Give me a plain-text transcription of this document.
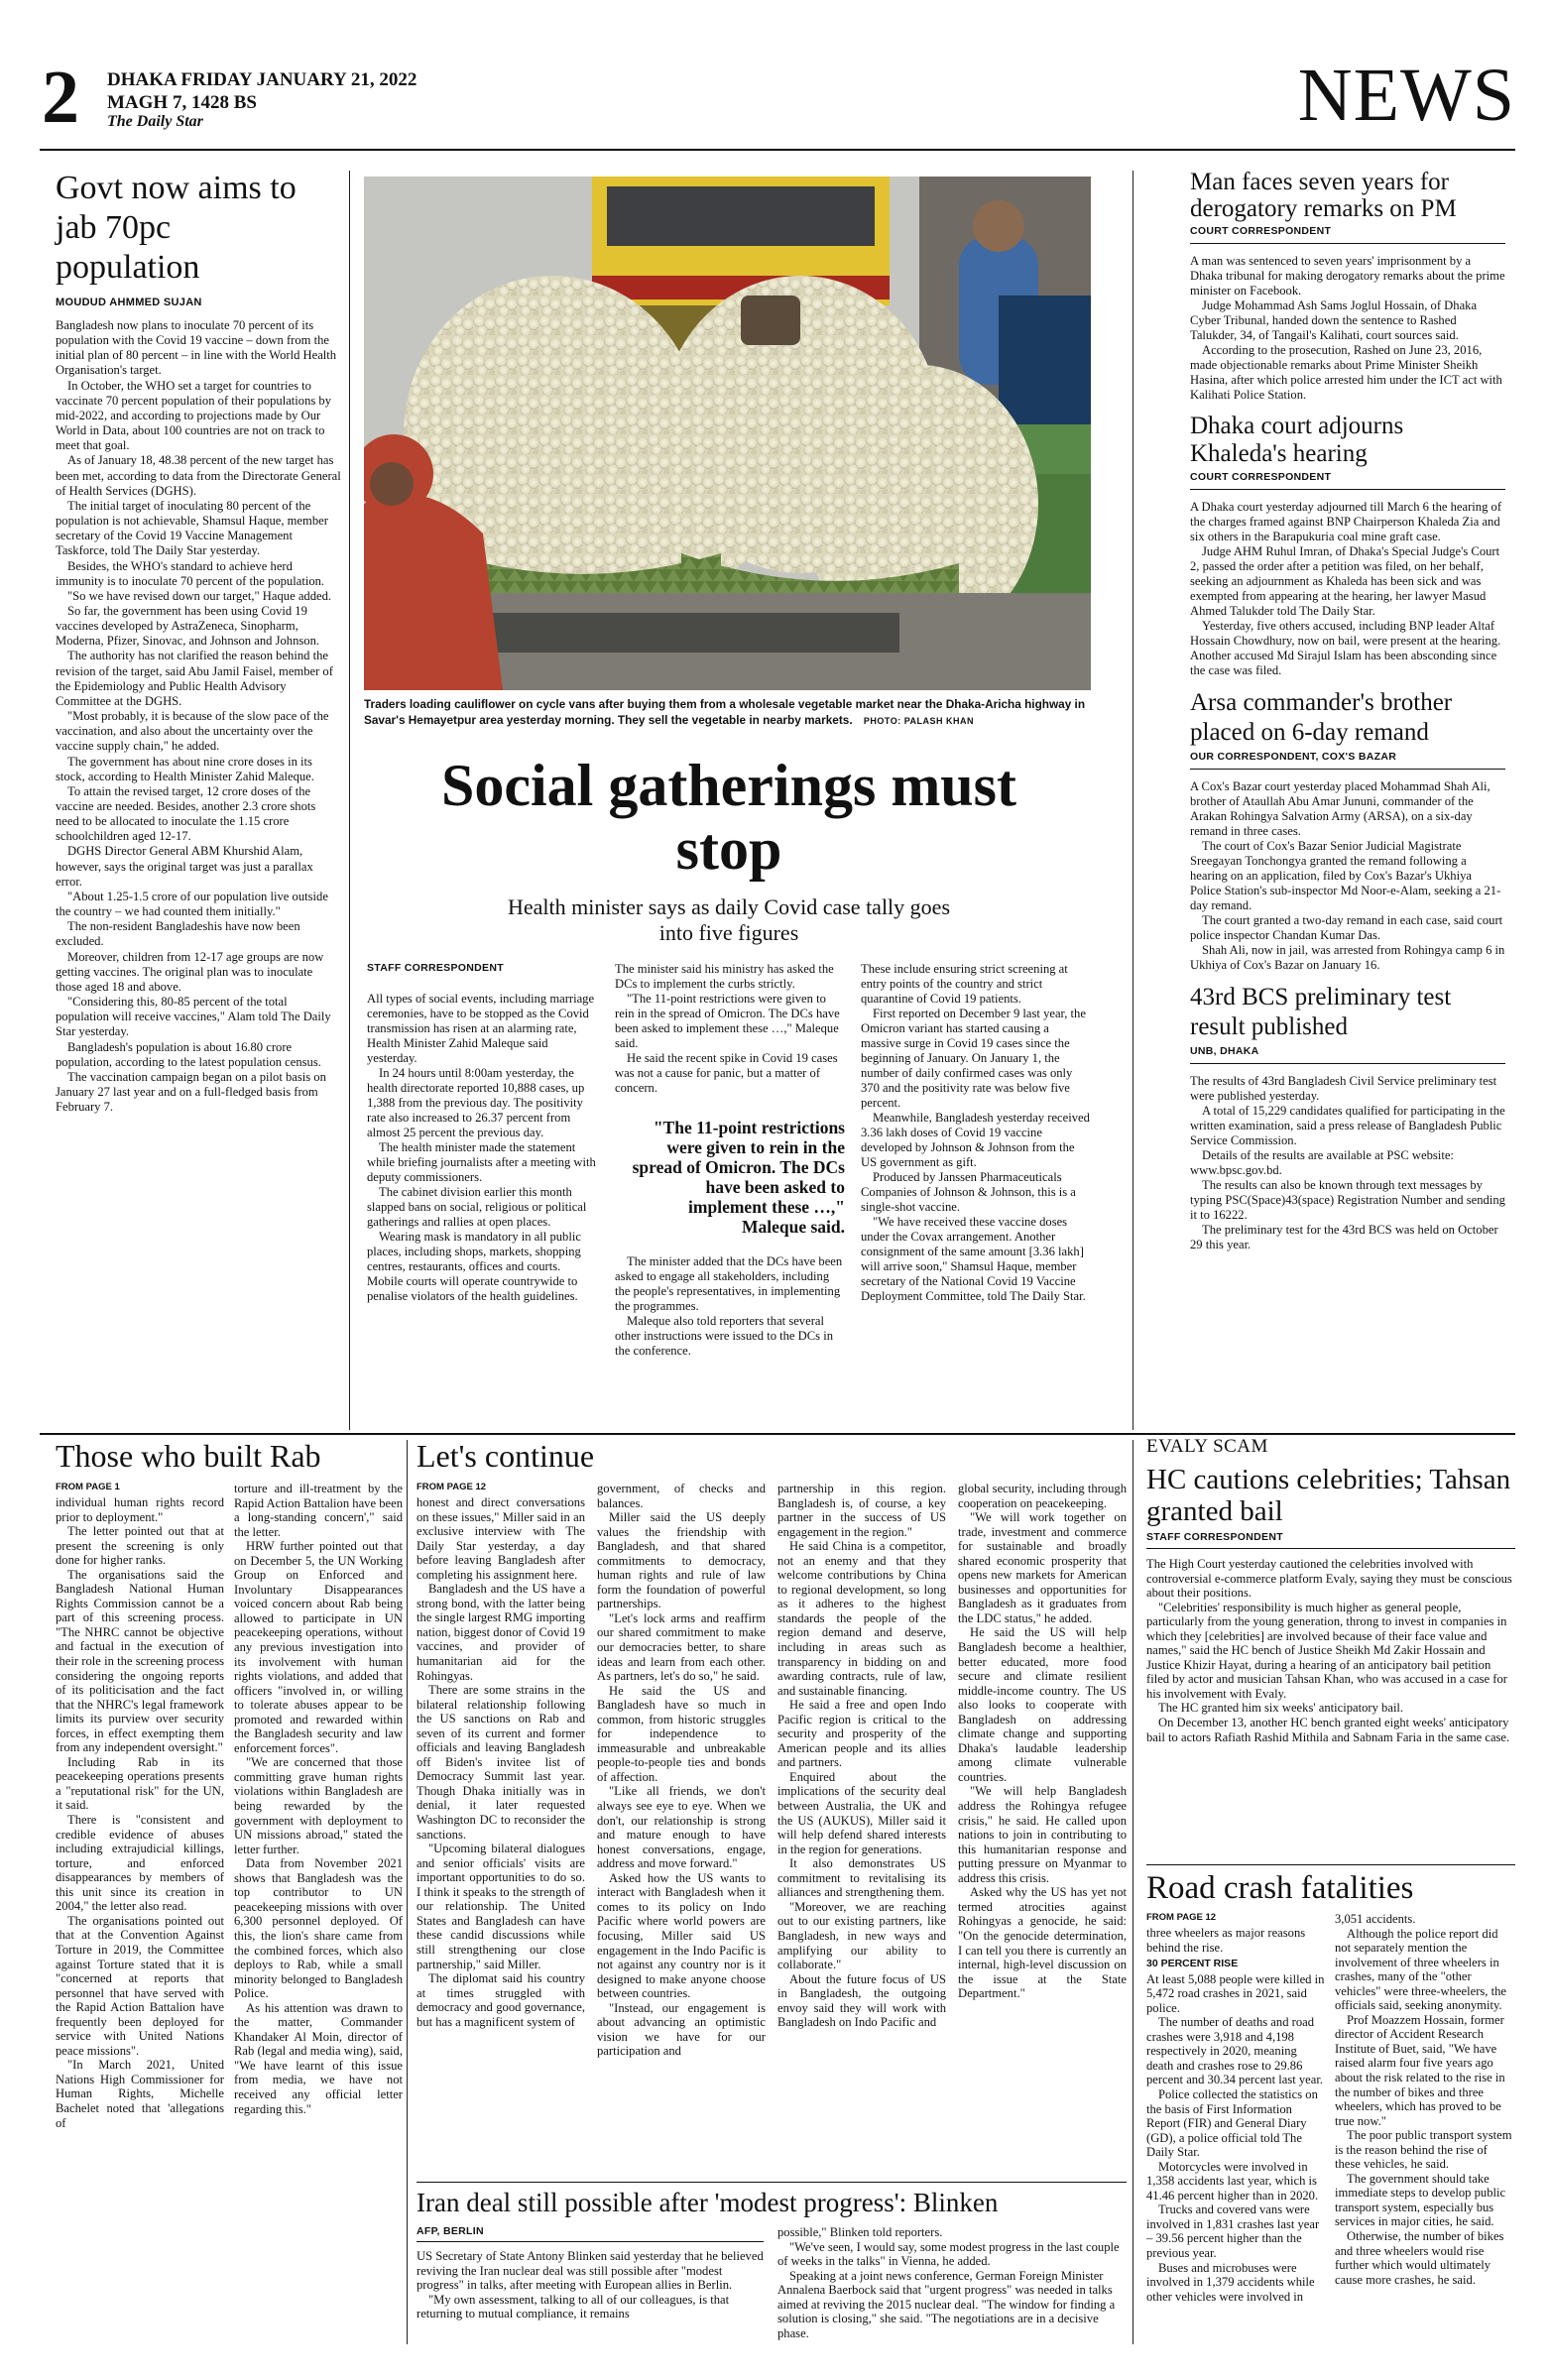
2 DHAKA FRIDAY JANUARY 21, 2022
MAGH 7, 1428 BS
The Daily Star	NEWS
Govt now aims to jab 70pc population
MOUDUD AHMMED SUJAN

Bangladesh now plans to inoculate 70 percent of its population with the Covid 19 vaccine – down from the initial plan of 80 percent – in line with the World Health Organisation's target.

In October, the WHO set a target for countries to vaccinate 70 percent population of their populations by mid-2022, and according to projections made by Our World in Data, about 100 countries are not on track to meet that goal.

As of January 18, 48.38 percent of the new target has been met, according to data from the Directorate General of Health Services (DGHS).

The initial target of inoculating 80 percent of the population is not achievable, Shamsul Haque, member secretary of the Covid 19 Vaccine Management Taskforce, told The Daily Star yesterday.

Besides, the WHO's standard to achieve herd immunity is to inoculate 70 percent of the population.

"So we have revised down our target," Haque added.

So far, the government has been using Covid 19 vaccines developed by AstraZeneca, Sinopharm, Moderna, Pfizer, Sinovac, and Johnson and Johnson.

The authority has not clarified the reason behind the revision of the target, said Abu Jamil Faisel, member of the Epidemiology and Public Health Advisory Committee at the DGHS.

"Most probably, it is because of the slow pace of the vaccination, and also about the uncertainty over the vaccine supply chain," he added.

The government has about nine crore doses in its stock, according to Health Minister Zahid Maleque.

To attain the revised target, 12 crore doses of the vaccine are needed. Besides, another 2.3 crore shots need to be allocated to inoculate the 1.15 crore schoolchildren aged 12-17.

DGHS Director General ABM Khurshid Alam, however, says the original target was just a parallax error.

"About 1.25-1.5 crore of our population live outside the country – we had counted them initially."

The non-resident Bangladeshis have now been excluded.

Moreover, children from 12-17 age groups are now getting vaccines. The original plan was to inoculate those aged 18 and above.

"Considering this, 80-85 percent of the total population will receive vaccines," Alam told The Daily Star yesterday.

Bangladesh's population is about 16.80 crore population, according to the latest population census.

The vaccination campaign began on a pilot basis on January 27 last year and on a full-fledged basis from February 7.

Traders loading cauliflower on cycle vans after buying them from a wholesale vegetable market near the Dhaka-Aricha highway in Savar's Hemayetpur area yesterday morning. They sell the vegetable in nearby markets. PHOTO: PALASH KHAN
Social gatherings must stop
Health minister says as daily Covid case tally goes into five figures
STAFF CORRESPONDENT

All types of social events, including marriage ceremonies, have to be stopped as the Covid transmission has risen at an alarming rate, Health Minister Zahid Maleque said yesterday.

In 24 hours until 8:00am yesterday, the health directorate reported 10,888 cases, up 1,388 from the previous day. The positivity rate also increased to 26.37 percent from almost 25 percent the previous day.

The health minister made the statement while briefing journalists after a meeting with deputy commissioners.

The cabinet division earlier this month slapped bans on social, religious or political gatherings and rallies at open places.

Wearing mask is mandatory in all public places, including shops, markets, shopping centres, restaurants, offices and courts. Mobile courts will operate countrywide to penalise violators of the health guidelines.

The minister said his ministry has asked the DCs to implement the curbs strictly.

"The 11-point restrictions were given to rein in the spread of Omicron. The DCs have been asked to implement these …," Maleque said.

He said the recent spike in Covid 19 cases was not a cause for panic, but a matter of concern.

"The 11-point restrictions were given to rein in the spread of Omicron. The DCs have been asked to implement these …,"
Maleque said.

The minister added that the DCs have been asked to engage all stakeholders, including the people's representatives, in implementing the programmes.

Maleque also told reporters that several other instructions were issued to the DCs in the conference.

These include ensuring strict screening at entry points of the country and strict quarantine of Covid 19 patients.

First reported on December 9 last year, the Omicron variant has started causing a massive surge in Covid 19 cases since the beginning of January. On January 1, the number of daily confirmed cases was only 370 and the positivity rate was below five percent.

Meanwhile, Bangladesh yesterday received 3.36 lakh doses of Covid 19 vaccine developed by Johnson & Johnson from the US government as gift.

Produced by Janssen Pharmaceuticals Companies of Johnson & Johnson, this is a single-shot vaccine.

"We have received these vaccine doses under the Covax arrangement. Another consignment of the same amount [3.36 lakh] will arrive soon," Shamsul Haque, member secretary of the National Covid 19 Vaccine Deployment Committee, told The Daily Star.

Man faces seven years for derogatory remarks on PM
COURT CORRESPONDENT

A man was sentenced to seven years' imprisonment by a Dhaka tribunal for making derogatory remarks about the prime minister on Facebook.

Judge Mohammad Ash Sams Joglul Hossain, of Dhaka Cyber Tribunal, handed down the sentence to Rashed Talukder, 34, of Tangail's Kalihati, court sources said.

According to the prosecution, Rashed on June 23, 2016, made objectionable remarks about Prime Minister Sheikh Hasina, after which police arrested him under the ICT act with Kalihati Police Station.

Dhaka court adjourns Khaleda's hearing
COURT CORRESPONDENT

A Dhaka court yesterday adjourned till March 6 the hearing of the charges framed against BNP Chairperson Khaleda Zia and six others in the Barapukuria coal mine graft case.

Judge AHM Ruhul Imran, of Dhaka's Special Judge's Court 2, passed the order after a petition was filed, on her behalf, seeking an adjournment as Khaleda has been sick and was exempted from appearing at the hearing, her lawyer Masud Ahmed Talukder told The Daily Star.

Yesterday, five others accused, including BNP leader Altaf Hossain Chowdhury, now on bail, were present at the hearing. Another accused Md Sirajul Islam has been absconding since the case was filed.

Arsa commander's brother placed on 6-day remand
OUR CORRESPONDENT, COX'S BAZAR

A Cox's Bazar court yesterday placed Mohammad Shah Ali, brother of Ataullah Abu Amar Jununi, commander of the Arakan Rohingya Salvation Army (ARSA), on a six-day remand in three cases.

The court of Cox's Bazar Senior Judicial Magistrate Sreegayan Tonchongya granted the remand following a hearing on an application, filed by Cox's Bazar's Ukhiya Police Station's sub-inspector Md Noor-e-Alam, seeking a 21-day remand.

The court granted a two-day remand in each case, said court police inspector Chandan Kumar Das.

Shah Ali, now in jail, was arrested from Rohingya camp 6 in Ukhiya of Cox's Bazar on January 16.

43rd BCS preliminary test result published
UNB, DHAKA

The results of 43rd Bangladesh Civil Service preliminary test were published yesterday.

A total of 15,229 candidates qualified for participating in the written examination, said a press release of Bangladesh Public Service Commission.

Details of the results are available at PSC website: www.bpsc.gov.bd.

The results can also be known through text messages by typing PSC(Space)43(space) Registration Number and sending it to 16222.

The preliminary test for the 43rd BCS was held on October 29 this year.

Those who built Rab
FROM PAGE 1

individual human rights record prior to deployment."

The letter pointed out that at present the screening is only done for higher ranks.

The organisations said the Bangladesh National Human Rights Commission cannot be a part of this screening process. "The NHRC cannot be objective and factual in the execution of their role in the screening process considering the ongoing reports of its politicisation and the fact that the NHRC's legal framework limits its purview over security forces, in effect exempting them from any independent oversight."

Including Rab in its peacekeeping operations presents a "reputational risk" for the UN, it said.

There is "consistent and credible evidence of abuses including extrajudicial killings, torture, and enforced disappearances by members of this unit since its creation in 2004," the letter also read.

The organisations pointed out that at the Convention Against Torture in 2019, the Committee against Torture stated that it is "concerned at reports that personnel that have served with the Rapid Action Battalion have frequently been deployed for service with United Nations peace missions".

"In March 2021, United Nations High Commissioner for Human Rights, Michelle Bachelet noted that 'allegations of

torture and ill-treatment by the Rapid Action Battalion have been a long-standing concern'," said the letter.

HRW further pointed out that on December 5, the UN Working Group on Enforced and Involuntary Disappearances voiced concern about Rab being allowed to participate in UN peacekeeping operations, without any previous investigation into its involvement with human rights violations, and added that officers "involved in, or willing to tolerate abuses appear to be promoted and rewarded within the Bangladesh security and law enforcement forces".

"We are concerned that those committing grave human rights violations within Bangladesh are being rewarded by the government with deployment to UN missions abroad," stated the letter further.

Data from November 2021 shows that Bangladesh was the top contributor to UN peacekeeping missions with over 6,300 personnel deployed. Of this, the lion's share came from the combined forces, which also deploys to Rab, while a small minority belonged to Bangladesh Police.

As his attention was drawn to the matter, Commander Khandaker Al Moin, director of Rab (legal and media wing), said, "We have learnt of this issue from media, we have not received any official letter regarding this."

Let's continue
FROM PAGE 12

honest and direct conversations on these issues," Miller said in an exclusive interview with The Daily Star yesterday, a day before leaving Bangladesh after completing his assignment here.

Bangladesh and the US have a strong bond, with the latter being the single largest RMG importing nation, biggest donor of Covid 19 vaccines, and provider of humanitarian aid for the Rohingyas.

There are some strains in the bilateral relationship following the US sanctions on Rab and seven of its current and former officials and leaving Bangladesh off Biden's invitee list of Democracy Summit last year. Though Dhaka initially was in denial, it later requested Washington DC to reconsider the sanctions.

"Upcoming bilateral dialogues and senior officials' visits are important opportunities to do so. I think it speaks to the strength of our relationship. The United States and Bangladesh can have these candid discussions while still strengthening our close partnership," said Miller.

The diplomat said his country at times struggled with democracy and good governance, but has a magnificent system of

government, of checks and balances.

Miller said the US deeply values the friendship with Bangladesh, and that shared commitments to democracy, human rights and rule of law form the foundation of powerful partnerships.

"Let's lock arms and reaffirm our shared commitment to make our democracies better, to share ideas and learn from each other. As partners, let's do so," he said.

He said the US and Bangladesh have so much in common, from historic struggles for independence to immeasurable and unbreakable people-to-people ties and bonds of affection.

"Like all friends, we don't always see eye to eye. When we don't, our relationship is strong and mature enough to have honest conversations, engage, address and move forward."

Asked how the US wants to interact with Bangladesh when it comes to its policy on Indo Pacific where world powers are focusing, Miller said US engagement in the Indo Pacific is not against any country nor is it designed to make anyone choose between countries.

"Instead, our engagement is about advancing an optimistic vision we have for our participation and

partnership in this region. Bangladesh is, of course, a key partner in the success of US engagement in the region."

He said China is a competitor, not an enemy and that they welcome contributions by China to regional development, so long as it adheres to the highest standards the people of the region demand and deserve, including in areas such as transparency in bidding on and awarding contracts, rule of law, and sustainable financing.

He said a free and open Indo Pacific region is critical to the security and prosperity of the American people and its allies and partners.

Enquired about the implications of the security deal between Australia, the UK and the US (AUKUS), Miller said it will help defend shared interests in the region for generations.

It also demonstrates US commitment to revitalising its alliances and strengthening them.

"Moreover, we are reaching out to our existing partners, like Bangladesh, in new ways and amplifying our ability to collaborate."

About the future focus of US in Bangladesh, the outgoing envoy said they will work with Bangladesh on Indo Pacific and

global security, including through cooperation on peacekeeping.

"We will work together on trade, investment and commerce for sustainable and broadly shared economic prosperity that opens new markets for American businesses and opportunities for Bangladesh as it graduates from the LDC status," he added.

He said the US will help Bangladesh become a healthier, better educated, more food secure and climate resilient middle-income country. The US also looks to cooperate with Bangladesh on addressing climate change and supporting Dhaka's laudable leadership among climate vulnerable countries.

"We will help Bangladesh address the Rohingya refugee crisis," he said. He called upon nations to join in contributing to this humanitarian response and putting pressure on Myanmar to address this crisis.

Asked why the US has yet not termed atrocities against Rohingyas a genocide, he said: "On the genocide determination, I can tell you there is currently an internal, high-level discussion on the issue at the State Department."

Iran deal still possible after 'modest progress': Blinken
AFP, BERLIN

US Secretary of State Antony Blinken said yesterday that he believed reviving the Iran nuclear deal was still possible after "modest progress" in talks, after meeting with European allies in Berlin.

"My own assessment, talking to all of our colleagues, is that returning to mutual compliance, it remains

possible," Blinken told reporters.

"We've seen, I would say, some modest progress in the last couple of weeks in the talks" in Vienna, he added.

Speaking at a joint news conference, German Foreign Minister Annalena Baerbock said that "urgent progress" was needed in talks aimed at reviving the 2015 nuclear deal. "The window for finding a solution is closing," she said. "The negotiations are in a decisive phase.

EVALY SCAM
HC cautions celebrities; Tahsan granted bail
STAFF CORRESPONDENT

The High Court yesterday cautioned the celebrities involved with controversial e-commerce platform Evaly, saying they must be conscious about their positions.

"Celebrities' responsibility is much higher as general people, particularly from the young generation, throng to invest in companies in which they [celebrities] are involved because of their face value and names," said the HC bench of Justice Sheikh Md Zakir Hossain and Justice Khizir Hayat, during a hearing of an anticipatory bail petition filed by actor and musician Tahsan Khan, who was accused in a case for his involvement with Evaly.

The HC granted him six weeks' anticipatory bail.

On December 13, another HC bench granted eight weeks' anticipatory bail to actors Rafiath Rashid Mithila and Sabnam Faria in the same case.

Road crash fatalities
FROM PAGE 12

three wheelers as major reasons behind the rise.

30 PERCENT RISE

At least 5,088 people were killed in 5,472 road crashes in 2021, said police.

The number of deaths and road crashes were 3,918 and 4,198 respectively in 2020, meaning death and crashes rose to 29.86 percent and 30.34 percent last year.

Police collected the statistics on the basis of First Information Report (FIR) and General Diary (GD), a police official told The Daily Star.

Motorcycles were involved in 1,358 accidents last year, which is 41.46 percent higher than in 2020.

Trucks and covered vans were involved in 1,831 crashes last year – 39.56 percent higher than the previous year.

Buses and microbuses were involved in 1,379 accidents while other vehicles were involved in

3,051 accidents.

Although the police report did not separately mention the involvement of three wheelers in crashes, many of the "other vehicles" were three-wheelers, the officials said, seeking anonymity.

Prof Moazzem Hossain, former director of Accident Research Institute of Buet, said, "We have raised alarm four five years ago about the risk related to the rise in the number of bikes and three wheelers, which has proved to be true now."

The poor public transport system is the reason behind the rise of these vehicles, he said.

The government should take immediate steps to develop public transport system, especially bus services in major cities, he said.

Otherwise, the number of bikes and three wheelers would rise further which would ultimately cause more crashes, he said.
